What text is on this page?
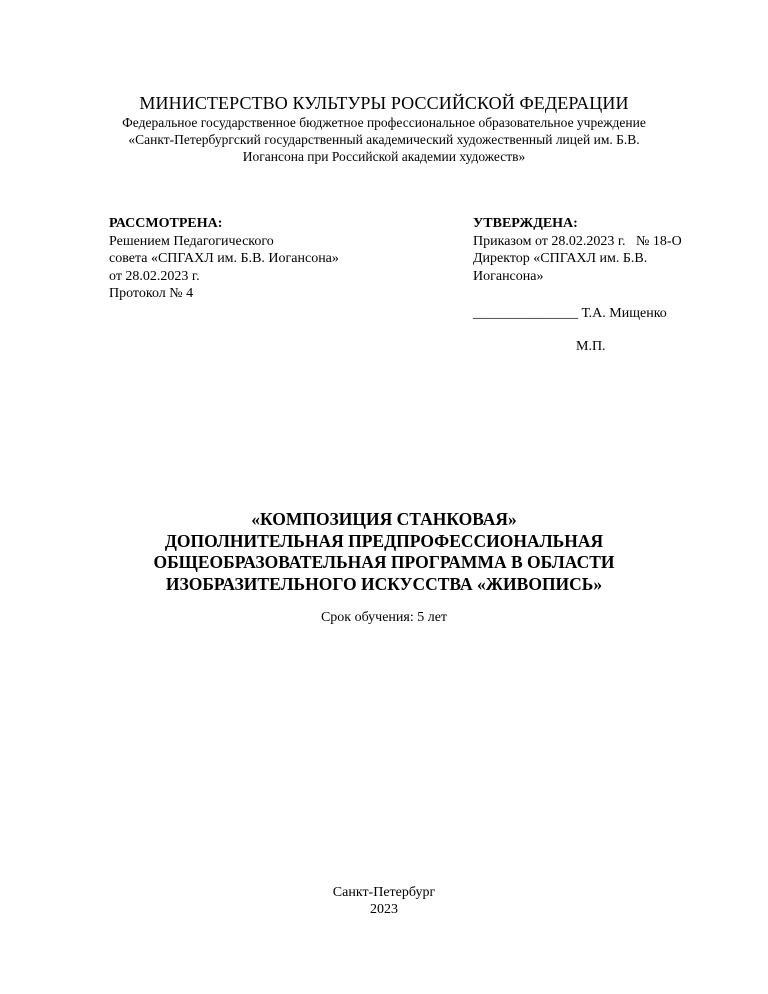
МИНИСТЕРСТВО КУЛЬТУРЫ РОССИЙСКОЙ ФЕДЕРАЦИИ
Федеральное государственное бюджетное профессиональное образовательное учреждение
«Санкт-Петербургский государственный академический художественный лицей им. Б.В.
Иогансона при Российской академии художеств»
РАССМОТРЕНА:
Решением Педагогического
совета «СПГАХЛ им. Б.В. Иогансона»
от 28.02.2023 г.
Протокол № 4
УТВЕРЖДЕНА:
Приказом от 28.02.2023 г.   № 18-О
Директор «СПГАХЛ им. Б.В.
Иогансона»
_______________ Т.А. Мищенко
М.П.
«КОМПОЗИЦИЯ СТАНКОВАЯ»
ДОПОЛНИТЕЛЬНАЯ ПРЕДПРОФЕССИОНАЛЬНАЯ
ОБЩЕОБРАЗОВАТЕЛЬНАЯ ПРОГРАММА В ОБЛАСТИ
ИЗОБРАЗИТЕЛЬНОГО ИСКУССТВА «ЖИВОПИСЬ»
Срок обучения: 5 лет
Санкт-Петербург
2023
